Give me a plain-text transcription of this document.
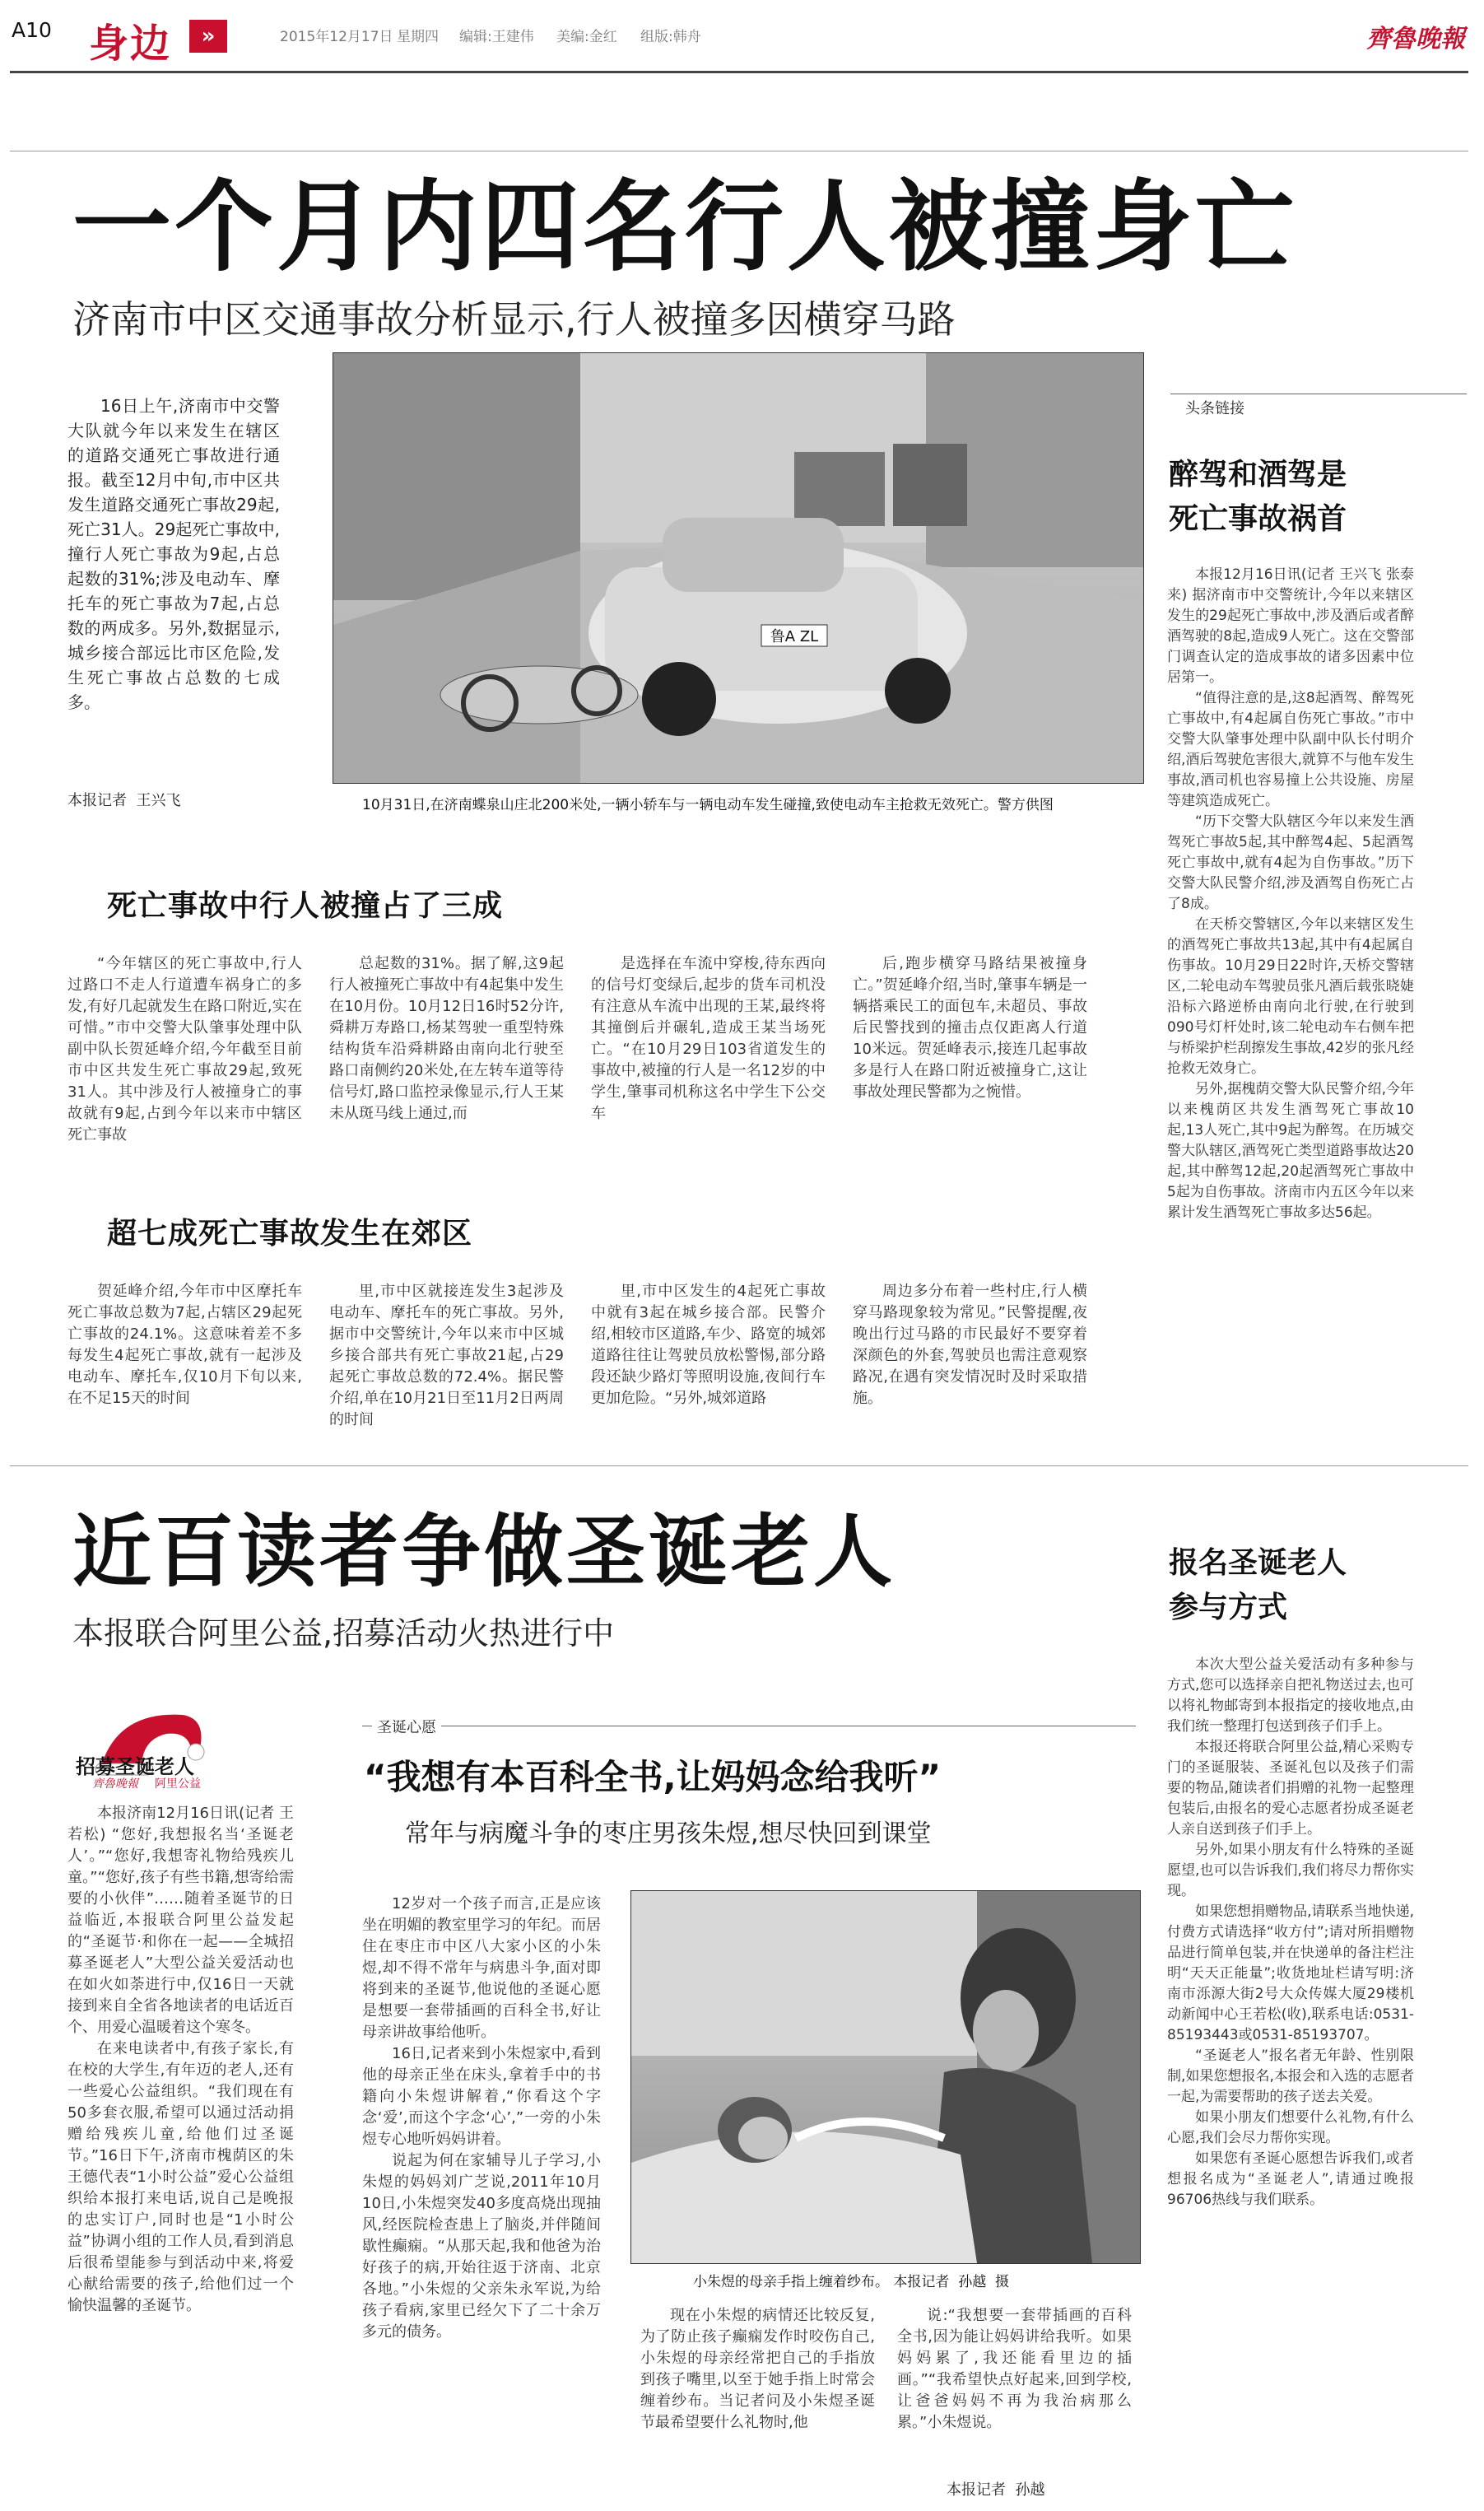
A10 身边	»	2015年12月17日 星期四 编辑:王建伟 美编:金红 组版:韩舟	齊魯晚報
一个月内四名行人被撞身亡
济南市中区交通事故分析显示,行人被撞多因横穿马路

16日上午,济南市中交警大队就今年以来发生在辖区的道路交通死亡事故进行通报。截至12月中旬,市中区共发生道路交通死亡事故29起,死亡31人。29起死亡事故中,撞行人死亡事故为9起,占总起数的31%;涉及电动车、摩托车的死亡事故为7起,占总数的两成多。另外,数据显示,城乡接合部远比市区危险,发生死亡事故占总数的七成多。

本报记者  王兴飞
鲁A ZL
10月31日,在济南蝶泉山庄北200米处,一辆小轿车与一辆电动车发生碰撞,致使电动车主抢救无效死亡。警方供图
死亡事故中行人被撞占了三成

“今年辖区的死亡事故中,行人过路口不走人行道遭车祸身亡的多发,有好几起就发生在路口附近,实在可惜。”市中交警大队肇事处理中队副中队长贺延峰介绍,今年截至目前市中区共发生死亡事故29起,致死31人。其中涉及行人被撞身亡的事故就有9起,占到今年以来市中辖区死亡事故

总起数的31%。据了解,这9起行人被撞死亡事故中有4起集中发生在10月份。10月12日16时52分许,舜耕万寿路口,杨某驾驶一重型特殊结构货车沿舜耕路由南向北行驶至路口南侧约20米处,在左转车道等待信号灯,路口监控录像显示,行人王某未从斑马线上通过,而

是选择在车流中穿梭,待东西向的信号灯变绿后,起步的货车司机没有注意从车流中出现的王某,最终将其撞倒后并碾轧,造成王某当场死亡。“在10月29日103省道发生的事故中,被撞的行人是一名12岁的中学生,肇事司机称这名中学生下公交车

后,跑步横穿马路结果被撞身亡。”贺延峰介绍,当时,肇事车辆是一辆搭乘民工的面包车,未超员、事故后民警找到的撞击点仅距离人行道10米远。贺延峰表示,接连几起事故多是行人在路口附近被撞身亡,这让事故处理民警都为之惋惜。

超七成死亡事故发生在郊区

贺延峰介绍,今年市中区摩托车死亡事故总数为7起,占辖区29起死亡事故的24.1%。这意味着差不多每发生4起死亡事故,就有一起涉及电动车、摩托车,仅10月下旬以来,在不足15天的时间

里,市中区就接连发生3起涉及电动车、摩托车的死亡事故。另外,据市中交警统计,今年以来市中区城乡接合部共有死亡事故21起,占29起死亡事故总数的72.4%。据民警介绍,单在10月21日至11月2日两周的时间

里,市中区发生的4起死亡事故中就有3起在城乡接合部。民警介绍,相较市区道路,车少、路宽的城郊道路往往让驾驶员放松警惕,部分路段还缺少路灯等照明设施,夜间行车更加危险。“另外,城郊道路

周边多分布着一些村庄,行人横穿马路现象较为常见。”民警提醒,夜晚出行过马路的市民最好不要穿着深颜色的外套,驾驶员也需注意观察路况,在遇有突发情况时及时采取措施。

头条链接
醉驾和酒驾是
死亡事故祸首

本报12月16日讯(记者 王兴飞 张泰来) 据济南市中交警统计,今年以来辖区发生的29起死亡事故中,涉及酒后或者醉酒驾驶的8起,造成9人死亡。这在交警部门调查认定的造成事故的诸多因素中位居第一。

“值得注意的是,这8起酒驾、醉驾死亡事故中,有4起属自伤死亡事故。”市中交警大队肇事处理中队副中队长付明介绍,酒后驾驶危害很大,就算不与他车发生事故,酒司机也容易撞上公共设施、房屋等建筑造成死亡。

“历下交警大队辖区今年以来发生酒驾死亡事故5起,其中醉驾4起、5起酒驾死亡事故中,就有4起为自伤事故。”历下交警大队民警介绍,涉及酒驾自伤死亡占了8成。

在天桥交警辖区,今年以来辖区发生的酒驾死亡事故共13起,其中有4起属自伤事故。10月29日22时许,天桥交警辖区,二轮电动车驾驶员张凡酒后载张晓婕沿标六路逆桥由南向北行驶,在行驶到090号灯杆处时,该二轮电动车右侧车把与桥梁护栏刮擦发生事故,42岁的张凡经抢救无效身亡。

另外,据槐荫交警大队民警介绍,今年以来槐荫区共发生酒驾死亡事故10起,13人死亡,其中9起为醉驾。在历城交警大队辖区,酒驾死亡类型道路事故达20起,其中醉驾12起,20起酒驾死亡事故中5起为自伤事故。济南市内五区今年以来累计发生酒驾死亡事故多达56起。

近百读者争做圣诞老人
本报联合阿里公益,招募活动火热进行中
招募圣诞老人
齊魯晚報 阿里公益

本报济南12月16日讯(记者 王若松) “您好,我想报名当‘圣诞老人’。”“您好,我想寄礼物给残疾儿童。”“您好,孩子有些书籍,想寄给需要的小伙伴”……随着圣诞节的日益临近,本报联合阿里公益发起的“圣诞节·和你在一起——全城招募圣诞老人”大型公益关爱活动也在如火如荼进行中,仅16日一天就接到来自全省各地读者的电话近百个、用爱心温暖着这个寒冬。

在来电读者中,有孩子家长,有在校的大学生,有年迈的老人,还有一些爱心公益组织。“我们现在有50多套衣服,希望可以通过活动捐赠给残疾儿童,给他们过圣诞节。”16日下午,济南市槐荫区的朱王德代表“1小时公益”爱心公益组织给本报打来电话,说自己是晚报的忠实订户,同时也是“1小时公益”协调小组的工作人员,看到消息后很希望能参与到活动中来,将爱心献给需要的孩子,给他们过一个愉快温馨的圣诞节。

圣诞心愿
“我想有本百科全书,让妈妈念给我听”
常年与病魔斗争的枣庄男孩朱煜,想尽快回到课堂

12岁对一个孩子而言,正是应该坐在明媚的教室里学习的年纪。而居住在枣庄市中区八大家小区的小朱煜,却不得不常年与病患斗争,面对即将到来的圣诞节,他说他的圣诞心愿是想要一套带插画的百科全书,好让母亲讲故事给他听。

16日,记者来到小朱煜家中,看到他的母亲正坐在床头,拿着手中的书籍向小朱煜讲解着,“你看这个字念‘爱’,而这个字念‘心’,”一旁的小朱煜专心地听妈妈讲着。

说起为何在家辅导儿子学习,小朱煜的妈妈刘广芝说,2011年10月10日,小朱煜突发40多度高烧出现抽风,经医院检查患上了脑炎,并伴随间歇性癫痫。“从那天起,我和他爸为治好孩子的病,开始往返于济南、北京各地。”小朱煜的父亲朱永军说,为给孩子看病,家里已经欠下了二十余万多元的债务。

小朱煜的母亲手指上缠着纱布。 本报记者  孙越  摄

现在小朱煜的病情还比较反复,为了防止孩子癫痫发作时咬伤自己,小朱煜的母亲经常把自己的手指放到孩子嘴里,以至于她手指上时常会缠着纱布。当记者问及小朱煜圣诞节最希望要什么礼物时,他

说:“我想要一套带插画的百科全书,因为能让妈妈讲给我听。如果妈妈累了,我还能看里边的插画。”“我希望快点好起来,回到学校,让爸爸妈妈不再为我治病那么累。”小朱煜说。

本报记者  孙越
报名圣诞老人
参与方式

本次大型公益关爱活动有多种参与方式,您可以选择亲自把礼物送过去,也可以将礼物邮寄到本报指定的接收地点,由我们统一整理打包送到孩子们手上。

本报还将联合阿里公益,精心采购专门的圣诞服装、圣诞礼包以及孩子们需要的物品,随读者们捐赠的礼物一起整理包装后,由报名的爱心志愿者扮成圣诞老人亲自送到孩子们手上。

另外,如果小朋友有什么特殊的圣诞愿望,也可以告诉我们,我们将尽力帮你实现。

如果您想捐赠物品,请联系当地快递,付费方式请选择“收方付”;请对所捐赠物品进行简单包装,并在快递单的备注栏注明“天天正能量”;收货地址栏请写明:济南市泺源大街2号大众传媒大厦29楼机动新闻中心王若松(收),联系电话:0531-85193443或0531-85193707。

“圣诞老人”报名者无年龄、性别限制,如果您想报名,本报会和入选的志愿者一起,为需要帮助的孩子送去关爱。

如果小朋友们想要什么礼物,有什么心愿,我们会尽力帮你实现。

如果您有圣诞心愿想告诉我们,或者想报名成为“圣诞老人”,请通过晚报96706热线与我们联系。
